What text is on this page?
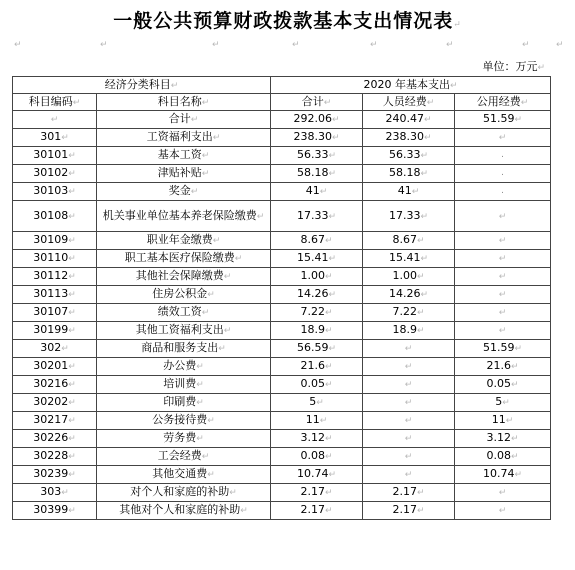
一般公共预算财政拨款基本支出情况表↵
↵	↵	↵	↵	↵	↵	↵	↵
单位：万元↵
经济分类科目↵		2020 年基本支出↵		
科目编码↵	科目名称↵	合计↵	人员经费↵	公用经费↵
↵	合计↵	292.06↵	240.47↵	51.59↵
301↵	工资福利支出↵	238.30↵	238.30↵	↵
30101↵	基本工资↵	56.33↵	56.33↵	.
30102↵	津贴补贴↵	58.18↵	58.18↵	.
30103↵	奖金↵	41↵	41↵	.
30108↵	机关事业单位基本养老保险缴费↵	17.33↵	17.33↵	↵
30109↵	职业年金缴费↵	8.67↵	8.67↵	↵
30110↵	职工基本医疗保险缴费↵	15.41↵	15.41↵	↵
30112↵	其他社会保障缴费↵	1.00↵	1.00↵	↵
30113↵	住房公积金↵	14.26↵	14.26↵	↵
30107↵	绩效工资↵	7.22↵	7.22↵	↵
30199↵	其他工资福利支出↵	18.9↵	18.9↵	↵
302↵	商品和服务支出↵	56.59↵	↵	51.59↵
30201↵	办公费↵	21.6↵	↵	21.6↵
30216↵	培训费↵	0.05↵	↵	0.05↵
30202↵	印刷费↵	5↵	↵	5↵
30217↵	公务接待费↵	11↵	↵	11↵
30226↵	劳务费↵	3.12↵	↵	3.12↵
30228↵	工会经费↵	0.08↵	↵	0.08↵
30239↵	其他交通费↵	10.74↵	↵	10.74↵
303↵	对个人和家庭的补助↵	2.17↵	2.17↵	↵
30399↵	其他对个人和家庭的补助↵	2.17↵	2.17↵	↵
